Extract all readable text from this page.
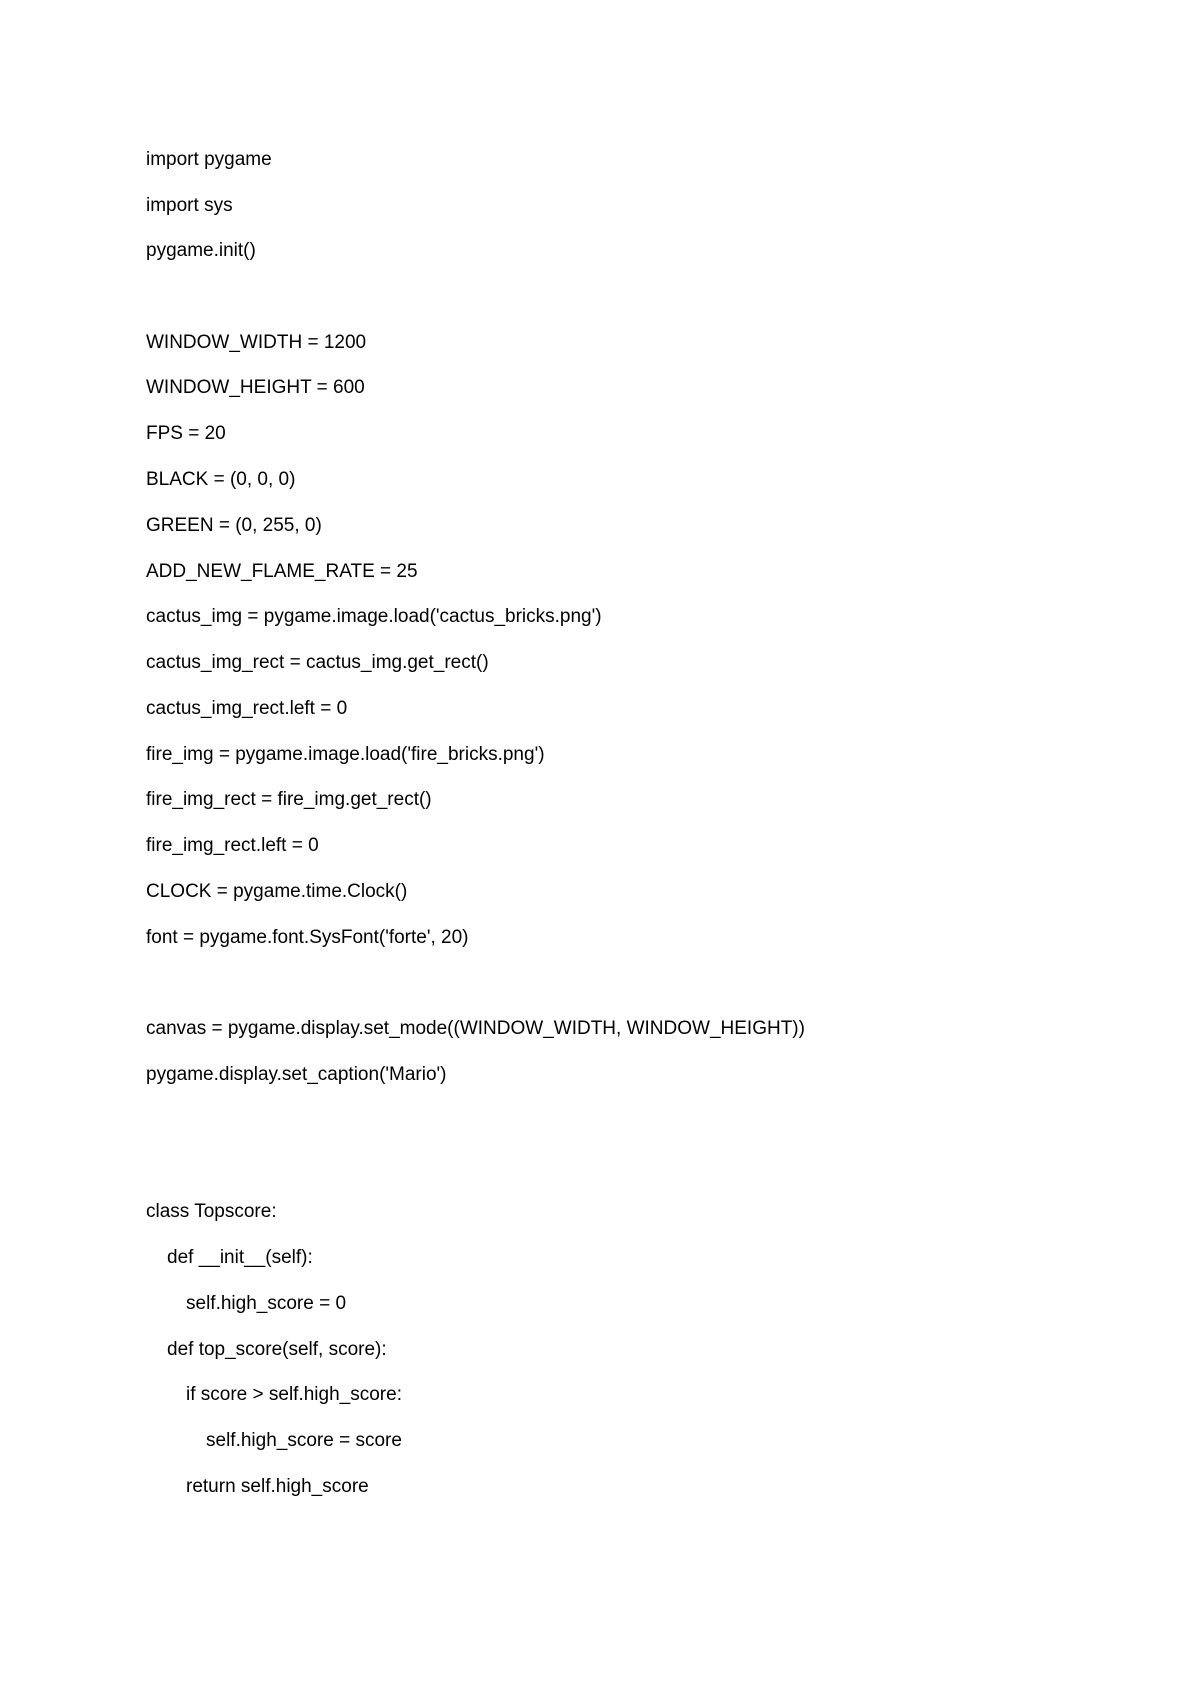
import pygame
import sys
pygame.init()
WINDOW_WIDTH = 1200
WINDOW_HEIGHT = 600
FPS = 20
BLACK = (0, 0, 0)
GREEN = (0, 255, 0)
ADD_NEW_FLAME_RATE = 25
cactus_img = pygame.image.load('cactus_bricks.png')
cactus_img_rect = cactus_img.get_rect()
cactus_img_rect.left = 0
fire_img = pygame.image.load('fire_bricks.png')
fire_img_rect = fire_img.get_rect()
fire_img_rect.left = 0
CLOCK = pygame.time.Clock()
font = pygame.font.SysFont('forte', 20)
canvas = pygame.display.set_mode((WINDOW_WIDTH, WINDOW_HEIGHT))
pygame.display.set_caption('Mario')
class Topscore:
def __init__(self):
self.high_score = 0
def top_score(self, score):
if score > self.high_score:
self.high_score = score
return self.high_score
